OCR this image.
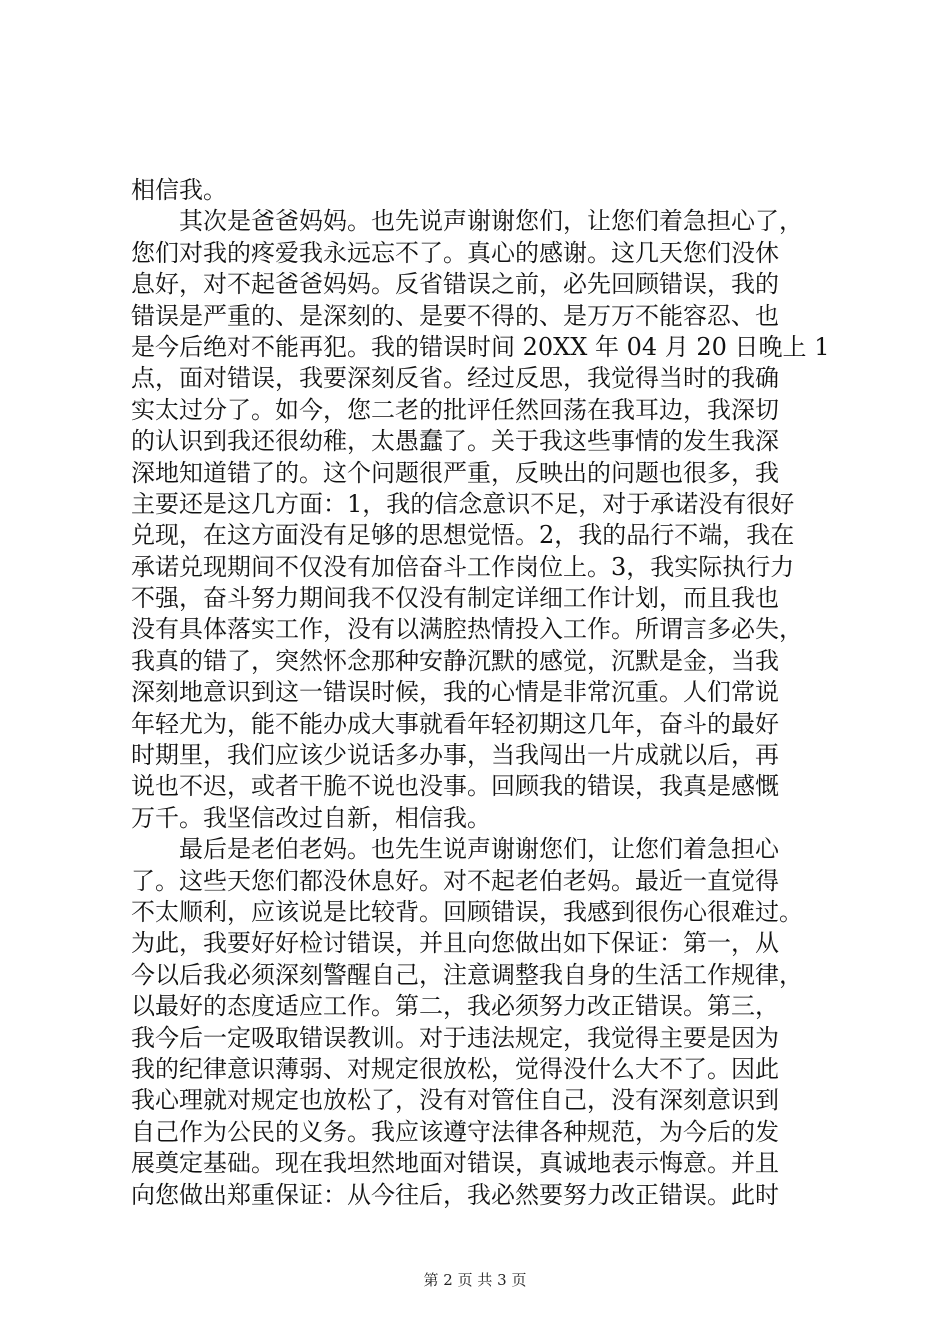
相信我。
　　其次是爸爸妈妈。也先说声谢谢您们，让您们着急担心了，
您们对我的疼爱我永远忘不了。真心的感谢。这几天您们没休
息好，对不起爸爸妈妈。反省错误之前，必先回顾错误，我的
错误是严重的、是深刻的、是要不得的、是万万不能容忍、也
是今后绝对不能再犯。我的错误时间 20XX 年 04 月 20 日晚上 1
点，面对错误，我要深刻反省。经过反思，我觉得当时的我确
实太过分了。如今，您二老的批评任然回荡在我耳边，我深切
的认识到我还很幼稚，太愚蠢了。关于我这些事情的发生我深
深地知道错了的。这个问题很严重，反映出的问题也很多，我
主要还是这几方面：1，我的信念意识不足，对于承诺没有很好
兑现，在这方面没有足够的思想觉悟。2，我的品行不端，我在
承诺兑现期间不仅没有加倍奋斗工作岗位上。3，我实际执行力
不强，奋斗努力期间我不仅没有制定详细工作计划，而且我也
没有具体落实工作，没有以满腔热情投入工作。所谓言多必失，
我真的错了，突然怀念那种安静沉默的感觉，沉默是金，当我
深刻地意识到这一错误时候，我的心情是非常沉重。人们常说
年轻尤为，能不能办成大事就看年轻初期这几年，奋斗的最好
时期里，我们应该少说话多办事，当我闯出一片成就以后，再
说也不迟，或者干脆不说也没事。回顾我的错误，我真是感慨
万千。我坚信改过自新，相信我。
　　最后是老伯老妈。也先生说声谢谢您们，让您们着急担心
了。这些天您们都没休息好。对不起老伯老妈。最近一直觉得
不太顺利，应该说是比较背。回顾错误，我感到很伤心很难过。
为此，我要好好检讨错误，并且向您做出如下保证：第一，从
今以后我必须深刻警醒自己，注意调整我自身的生活工作规律，
以最好的态度适应工作。第二，我必须努力改正错误。第三，
我今后一定吸取错误教训。对于违法规定，我觉得主要是因为
我的纪律意识薄弱、对规定很放松，觉得没什么大不了。因此
我心理就对规定也放松了，没有对管住自己，没有深刻意识到
自己作为公民的义务。我应该遵守法律各种规范，为今后的发
展奠定基础。现在我坦然地面对错误，真诚地表示悔意。并且
向您做出郑重保证：从今往后，我必然要努力改正错误。此时
第 2 页 共 3 页
